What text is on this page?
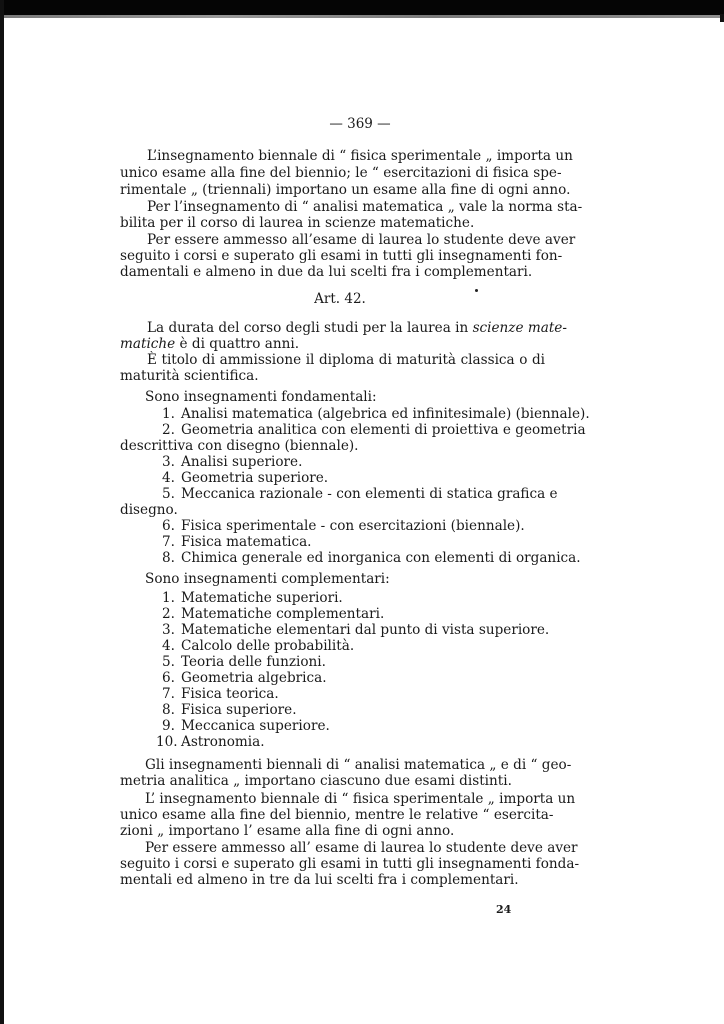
— 369 —
L’insegnamento biennale di “ fisica sperimentale „ importa un
unico esame alla fine del biennio; le “ esercitazioni di fisica spe-
rimentale „ (triennali) importano un esame alla fine di ogni anno.
Per l’insegnamento di “ analisi matematica „ vale la norma sta-
bilita per il corso di laurea in scienze matematiche.
Per essere ammesso all’esame di laurea lo studente deve aver
seguito i corsi e superato gli esami in tutti gli insegnamenti fon-
damentali e almeno in due da lui scelti fra i complementari.
Art. 42.
La durata del corso degli studi per la laurea in scienze mate-
matiche è di quattro anni.
È titolo di ammissione il diploma di maturità classica o di
maturità scientifica.
Sono insegnamenti fondamentali:
1. Analisi matematica (algebrica ed infinitesimale) (biennale).
2. Geometria analitica con elementi di proiettiva e geometria
descrittiva con disegno (biennale).
3. Analisi superiore.
4. Geometria superiore.
5. Meccanica razionale - con elementi di statica grafica e
disegno.
6. Fisica sperimentale - con esercitazioni (biennale).
7. Fisica matematica.
8. Chimica generale ed inorganica con elementi di organica.
Sono insegnamenti complementari:
1. Matematiche superiori.
2. Matematiche complementari.
3. Matematiche elementari dal punto di vista superiore.
4. Calcolo delle probabilità.
5. Teoria delle funzioni.
6. Geometria algebrica.
7. Fisica teorica.
8. Fisica superiore.
9. Meccanica superiore.
10. Astronomia.
Gli insegnamenti biennali di “ analisi matematica „ e di “ geo-
metria analitica „ importano ciascuno due esami distinti.
L’ insegnamento biennale di “ fisica sperimentale „ importa un
unico esame alla fine del biennio, mentre le relative “ esercita-
zioni „ importano l’ esame alla fine di ogni anno.
Per essere ammesso all’ esame di laurea lo studente deve aver
seguito i corsi e superato gli esami in tutti gli insegnamenti fonda-
mentali ed almeno in tre da lui scelti fra i complementari.
24
